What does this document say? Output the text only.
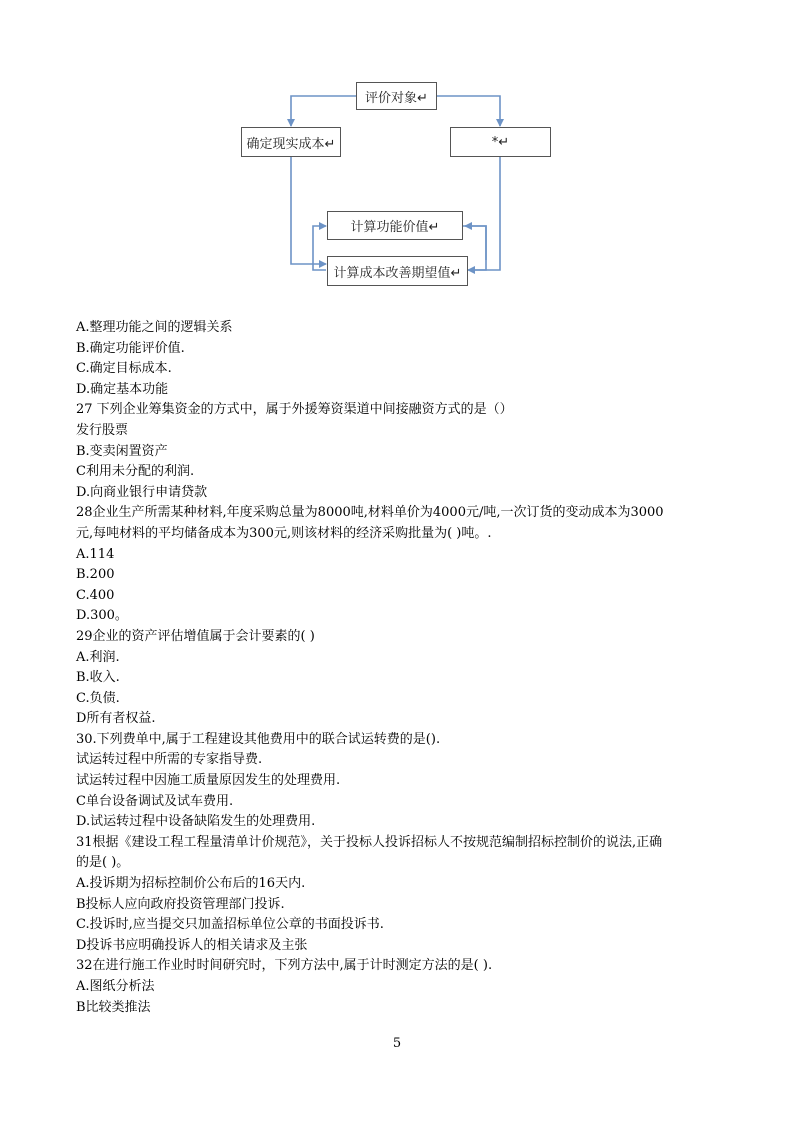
评价对象↵
确定现实成本↵	*↵
计算功能价值↵
计算成本改善期望值↵
A.整理功能之间的逻辑关系
B.确定功能评价值.
C.确定目标成本.
D.确定基本功能
27 下列企业筹集资金的方式中，属于外援筹资渠道中间接融资方式的是（）
发行股票
B.变卖闲置资产
C利用未分配的利润.
D.向商业银行申请贷款
28企业生产所需某种材料,年度采购总量为8000吨,材料单价为4000元/吨,一次订货的变动成本为3000
元,每吨材料的平均储备成本为300元,则该材料的经济采购批量为( )吨。.
A.114
B.200
C.400
D.300。
29企业的资产评估增值属于会计要素的( )
A.利润.
B.收入.
C.负债.
D所有者权益.
30.下列费单中,属于工程建设其他费用中的联合试运转费的是().
试运转过程中所需的专家指导费.
试运转过程中因施工质量原因发生的处理费用.
C单台设备调试及试车费用.
D.试运转过程中设备缺陷发生的处理费用.
31根据《建设工程工程量清单计价规范》，关于投标人投诉招标人不按规范编制招标控制价的说法,正确
的是( )。
A.投诉期为招标控制价公布后的16天内.
B投标人应向政府投资管理部门投诉.
C.投诉时,应当提交只加盖招标单位公章的书面投诉书.
D投诉书应明确投诉人的相关请求及主张
32在进行施工作业时时间研究时，下列方法中,属于计时测定方法的是( ).
A.图纸分析法
B比较类推法
5
